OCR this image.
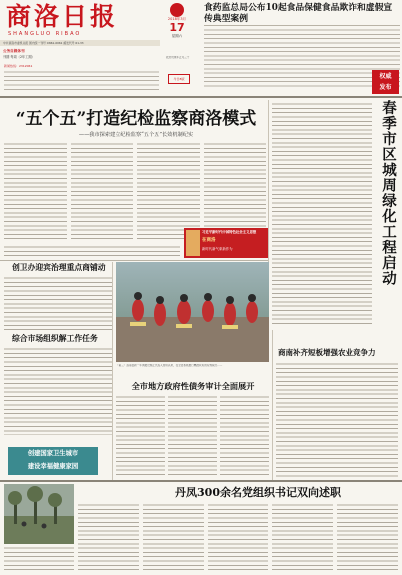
商洛日报
SHANGLUO RIBAO
2018年3月
17
星期六
农历戊戌年正月三十
今日8版
食药监总局公布10起食品保健食品欺诈和虚假宣传典型案例
中共商洛市委机关报 国内统一刊号 CN61-0061 邮发代号 61-33
公务自媒体刊
刊期 每周（2年工期）
新闻热线：2312061
权威
发布
“五个五”打造纪检监察商洛模式
——我市探索建立纪检监察“五个五”长效机制纪实	春季市区城周绿化工程启动
习近平新时代中国特色社会主义思想
在商洛
新时代新气象新作为
创卫办迎宾治理重点商铺动
综合市场组织解工作任务
创建国家卫生城市
建设幸福健康家园
（第三）洛南县新一年供暖设施正式投入使用以来，在全县积极推行精准扶贫的有效模式……
商南补齐短板增强农业竞争力
全市地方政府性债务审计全面展开
丹凤300余名党组织书记双向述职
